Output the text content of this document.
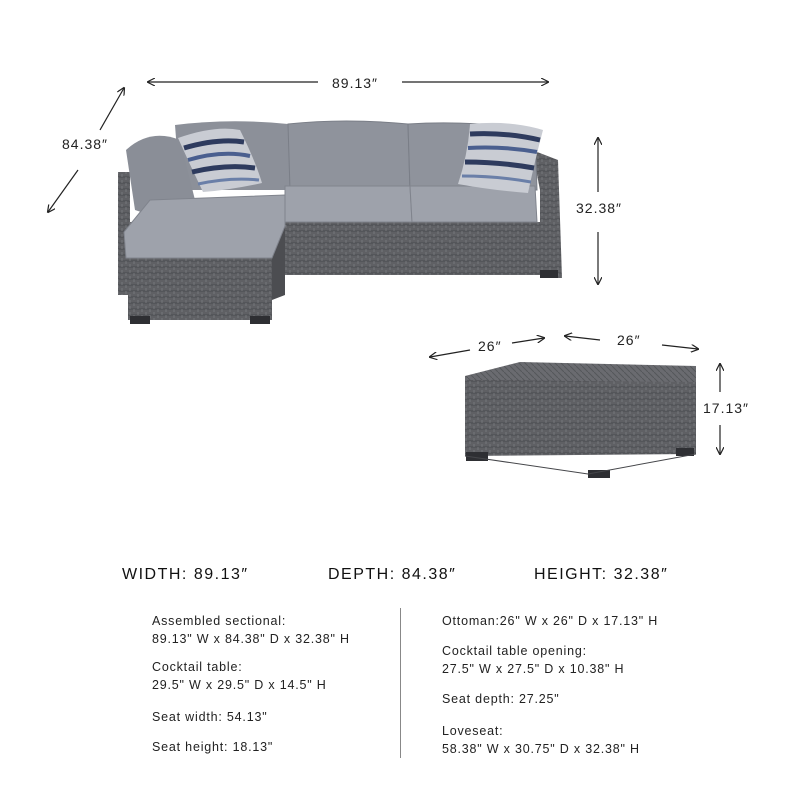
89.13″
84.38″
32.38″
26″	26″
17.13″
WIDTH: 89.13″	DEPTH: 84.38″	HEIGHT: 32.38″
Assembled sectional:
89.13" W x 84.38" D x 32.38" H
Cocktail table:
29.5" W x 29.5" D x 14.5" H
Seat width: 54.13"
Seat height: 18.13"
Ottoman:26" W x 26" D x 17.13" H
Cocktail table opening:
27.5" W x 27.5" D x 10.38" H
Seat depth: 27.25"
Loveseat:
58.38" W x 30.75" D x 32.38" H
